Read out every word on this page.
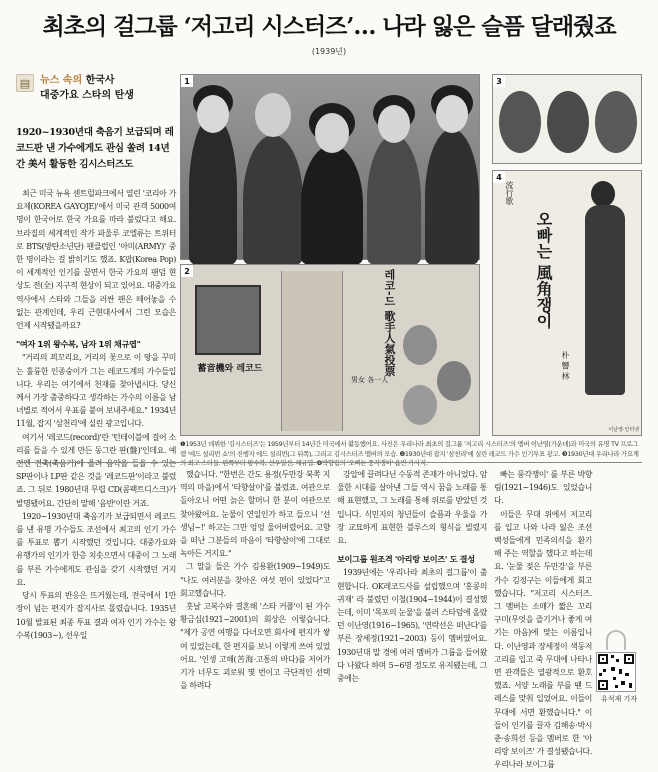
최초의 걸그룹 ‘저고리 시스터즈’… 나라 잃은 슬픔 달래줬죠
(1939년)
▤ 뉴스 속의 한국사
대중가요 스타의 탄생
1920~1930년대 축음기 보급되며 레코드판 낸 가수에게도 관심 쏠려 14년 간 美서 활동한 김시스터즈도

최근 미국 뉴욕 센트럴파크에서 열린 '코리아 가요제(KOREA GAYOJE)'에서 미국 관객 5000여 명이 한국어로 한국 가요를 따라 불렀다고 해요. 브라질의 세계적인 작가 파울루 코엘류는 트위터로 BTS(방탄소년단) 팬클럽인 '아미(ARMY)' 중 한 명이라는 걸 밝히기도 했죠. K팝(Korea Pop)이 세계적인 인기를 끌면서 한국 가요의 팬덤 현상도 전(全) 지구적 현상이 되고 있어요. 대중가요 역사에서 스타와 그들을 러싼 팬은 떼어놓을 수 없는 관계인데, 우리 근현대사에서 그런 모습은 언제 시작됐을까요?

"여자 1위 왕수복, 남자 1위 채규엽"

"거리의 꾀꼬리요, 거리의 꽃으로 이 땅을 꾸미는 훌륭한 인종숭이가 그는 레코드계의 가수들입니다. 우리는 여기에서 천재를 찾아냅시다. 당신께서 가장 출중하다고 생각하는 가수의 이름을 남녀별로 적어서 우표를 붙여 보내주세요." 1934년 11월, 잡지 '삼천리'에 실린 광고입니다.

여기서 '레코드(record)'란 '턴테이블에 걸어 소리를 들을 수 있게 만든 동그란 판(盤)'인데요. 예전엔 전축(축음기)에 올려 음악을 들을 수 있는 SP판이나 LP판 같은 것을 '레코드판'이라고 불렀죠. 그 뒤로 1980년대 무렵 CD(콤팩트디스크)가 발명됐어요. 간단히 말해 '음반'이란 거죠.

1920~1930년대 축음기가 보급되면서 레코드를 낸 유명 가수들도 조선에서 최고의 인기 가수를 투표로 뽑기 시작했던 것입니다. 대중가요와 유행가의 인기가 한층 치솟으면서 대중이 그 노래를 부른 가수에게도 관심을 갖기 시작했던 거지요.

당시 투표의 반응은 뜨거웠는데, 전국에서 1만장이 넘는 편지가 잡지사로 몰렸습니다. 1935년 10월 발표된 최종 투표 결과 여자 인기 가수는 왕수복(1903~), 선우일

1
2
蓄音機와 레코드	레코-드 歌手人氣投票
男女 各一人
3
4
流行歌
오빠는 風角쟁이
朴 響 林
이난영·인터넷
❶1953년 데뷔한 '김시스터즈'는 1959년부터 14년간 미국에서 활동했어요. 사진은 우리나라 최초의 걸그룹 '저고리 시스터즈'의 멤버 이난영(가운데)과 미국의 유명 TV 프로그램 '에드 설리번 쇼'의 진행자 에드 설리번(그 뒤쪽), 그리고 김시스터즈 멤버의 모습. ❷1930년대 잡지 '삼천리'에 실린 레코드 가수 인기투표 광고. ❸1930년대 우리나라 가요계의 최고 스타들. 왼쪽부터 왕수복, 선우일선, 채규엽. ❹박향림의 '오빠는 풍각쟁이' 음반 가사지.

했습니다. "한번은 간도 용정(두만강 북쪽 지역의 마을)에서 '타향살이'를 불렀죠. 여관으로 돌아오니 어떤 늙은 할머니 한 분이 여관으로 찾아왔어요. 눈물이 연일인가 하고 들으니 '선생님~!' 하고는 그만 엉엉 울어버렸어요. 고향을 떠난 그분들의 마음이 '타향살이'에 그대로 녹아든 거지요."

그 말을 들은 가수 김용환(1909~1949)도 "나도 여러분을 찾아온 여섯 편이 있었다"고 회고했습니다.

홋날 고복수와 결혼해 '스타 커플'이 된 가수 황금심(1921~2001)의 회상은 이렇습니다. "제가 공연 여행을 다녀오면 회사에 편지가 쌓여 있었는데, 한 편지를 보니 이렇게 쓰여 있었어요. '인생 고해(苦海·고통의 바다)를 저어가기가 너무도 괴로워 몇 번이고 극단적인 선택을 하려다

강압에 끌려다닌 수동적 존재가 아니었다. 암울한 시대를 살아낸 그들 역시 꿈을 노래를 통해 표현했고, 그 노래를 통해 위로를 받았던 것입니다. 식민지의 청년들이 슬픔과 우울을 가장 교묘하게 표현한 블루스의 형식을 빌렸지요.

보이그룹 원조격 '아리랑 보이즈' 도 결성

1939년에는 '우리나라 최초의 걸그룹'이 출현합니다. OK레코드사를 설립했으며 '홍콩의 귀재' 라 불렸던 이철(1904~1944)이 결성했는데, 이미 '목포의 눈물'을 불러 스타덤에 올랐던 이난영(1916~1965), '연락선은 떠난다'를 부른 장세정(1921~2003) 등이 멤버였어요. 1930년대 말 경에 여러 멤버가 그룹을 들어왔다 나왔다 하며 5~6명 정도로 유지됐는데, 그중에는

빠는 풍각쟁이' 를 부른 박향림(1921~1946)도 있었습니다.

이들은 무대 위에서 저고리를 입고 나와 나라 잃은 조선 백성들에게 민족의식을 환기해 주는 역할을 했다고 하는데요. '눈물 젖은 두만강'을 부른 가수 김정구는 이들에게 회고했습니다. "저고리 시스터즈. 그 멤버는 소매가 짧은 꼬리 구미(무엇을 즐기거나 좋게 여기는 마음)에 맞는 이름입니다. 이난영과 장세정이 색동저고리를 입고 죽 무대에 나타나면 관객들은 열광적으로 환호했죠. 서양 노래를 부를 땐 드레스를 맞춰 입었어요. 이들이 무대에 서면 환했습니다." 이들이 인기를 끌자 김해송·박시춘·송희선 등을 멤버로 한 '아리랑 보이즈' 가 결성됐습니다. 우리나라 보이그룹

유석재 기자
